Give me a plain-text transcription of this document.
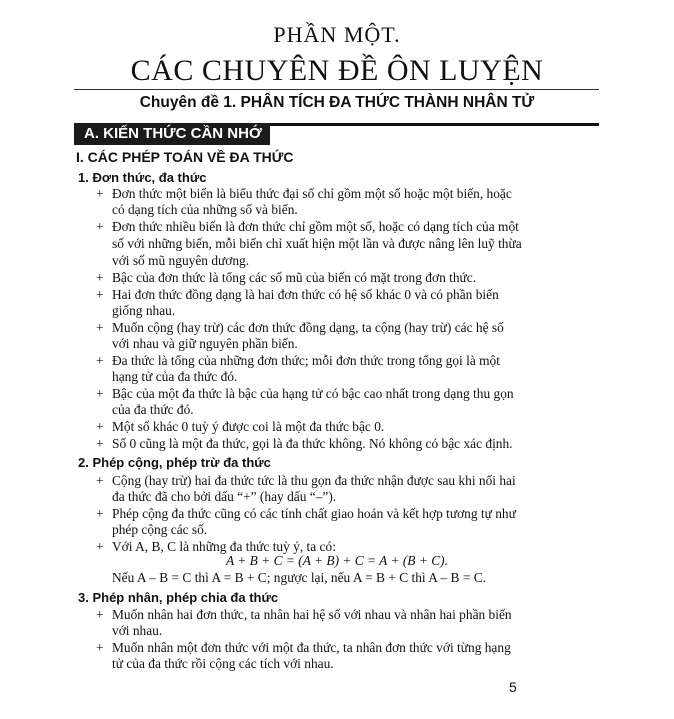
PHẦN MỘT.
CÁC CHUYÊN ĐỀ ÔN LUYỆN
Chuyên đề 1. PHÂN TÍCH ĐA THỨC THÀNH NHÂN TỬ
A. KIẾN THỨC CẦN NHỚ
I. CÁC PHÉP TOÁN VỀ ĐA THỨC
1. Đơn thức, đa thức
+ Đơn thức một biến là biểu thức đại số chỉ gồm một số hoặc một biến, hoặc
có dạng tích của những số và biến.
+ Đơn thức nhiều biến là đơn thức chỉ gồm một số, hoặc có dạng tích của một
số với những biến, mỗi biến chỉ xuất hiện một lần và được nâng lên luỹ thừa
với số mũ nguyên dương.
+ Bậc của đơn thức là tổng các số mũ của biến có mặt trong đơn thức.
+ Hai đơn thức đồng dạng là hai đơn thức có hệ số khác 0 và có phần biến
giống nhau.
+ Muốn cộng (hay trừ) các đơn thức đồng dạng, ta cộng (hay trừ) các hệ số
với nhau và giữ nguyên phần biến.
+ Đa thức là tổng của những đơn thức; mỗi đơn thức trong tổng gọi là một
hạng tử của đa thức đó.
+ Bậc của một đa thức là bậc của hạng tử có bậc cao nhất trong dạng thu gọn
của đa thức đó.
+ Một số khác 0 tuỳ ý được coi là một đa thức bậc 0.
+ Số 0 cũng là một đa thức, gọi là đa thức không. Nó không có bậc xác định.
2. Phép cộng, phép trừ đa thức
+ Cộng (hay trừ) hai đa thức tức là thu gọn đa thức nhận được sau khi nối hai
đa thức đã cho bởi dấu “+” (hay dấu “–”).
+ Phép cộng đa thức cũng có các tính chất giao hoán và kết hợp tương tự như
phép cộng các số.
+ Với A, B, C là những đa thức tuỳ ý, ta có:
A + B + C = (A + B) + C = A + (B + C).
Nếu A – B = C thì A = B + C; ngược lại, nếu A = B + C thì A – B = C.
3. Phép nhân, phép chia đa thức
+ Muốn nhân hai đơn thức, ta nhân hai hệ số với nhau và nhân hai phần biến
với nhau.
+ Muốn nhân một đơn thức với một đa thức, ta nhân đơn thức với từng hạng
tử của đa thức rồi cộng các tích với nhau.
5
